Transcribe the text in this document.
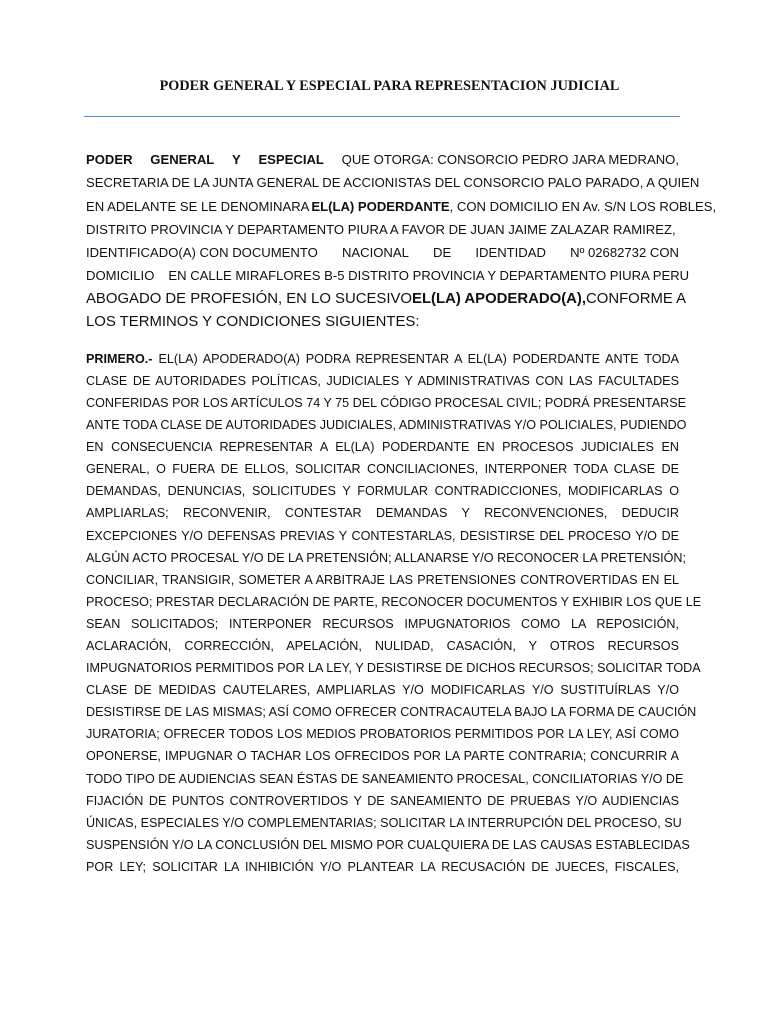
PODER GENERAL Y ESPECIAL PARA REPRESENTACION JUDICIAL
PODER GENERAL Y ESPECIAL QUE OTORGA: CONSORCIO PEDRO JARA MEDRANO,
SECRETARIA DE LA JUNTA GENERAL DE ACCIONISTAS DEL CONSORCIO PALO PARADO, A QUIEN
EN ADELANTE SE LE DENOMINARA EL(LA) PODERDANTE , CON DOMICILIO EN Av. S/N LOS ROBLES,
DISTRITO PROVINCIA Y DEPARTAMENTO PIURA A FAVOR DE JUAN JAIME ZALAZAR RAMIREZ,
IDENTIFICADO(A) CON DOCUMENTO NACIONAL DE IDENTIDAD Nº 02682732 CON
DOMICILIO EN CALLE MIRAFLORES B-5 DISTRITO PROVINCIA Y DEPARTAMENTO PIURA PERU
ABOGADO DE PROFESIÓN, EN LO SUCESIVO EL(LA) APODERADO(A), CONFORME A
LOS TERMINOS Y CONDICIONES SIGUIENTES:
PRIMERO.- EL(LA) APODERADO(A) PODRA REPRESENTAR A EL(LA) PODERDANTE ANTE TODA
CLASE DE AUTORIDADES POLÍTICAS, JUDICIALES Y ADMINISTRATIVAS CON LAS FACULTADES
CONFERIDAS POR LOS ARTÍCULOS 74 Y 75 DEL CÓDIGO PROCESAL CIVIL; PODRÁ PRESENTARSE
ANTE TODA CLASE DE AUTORIDADES JUDICIALES, ADMINISTRATIVAS Y/O POLICIALES, PUDIENDO
EN CONSECUENCIA REPRESENTAR A EL(LA) PODERDANTE EN PROCESOS JUDICIALES EN
GENERAL, O FUERA DE ELLOS, SOLICITAR CONCILIACIONES, INTERPONER TODA CLASE DE
DEMANDAS, DENUNCIAS, SOLICITUDES Y FORMULAR CONTRADICCIONES, MODIFICARLAS O
AMPLIARLAS; RECONVENIR, CONTESTAR DEMANDAS Y RECONVENCIONES, DEDUCIR
EXCEPCIONES Y/O DEFENSAS PREVIAS Y CONTESTARLAS, DESISTIRSE DEL PROCESO Y/O DE
ALGÚN ACTO PROCESAL Y/O DE LA PRETENSIÓN; ALLANARSE Y/O RECONOCER LA PRETENSIÓN;
CONCILIAR, TRANSIGIR, SOMETER A ARBITRAJE LAS PRETENSIONES CONTROVERTIDAS EN EL
PROCESO; PRESTAR DECLARACIÓN DE PARTE, RECONOCER DOCUMENTOS Y EXHIBIR LOS QUE LE
SEAN SOLICITADOS; INTERPONER RECURSOS IMPUGNATORIOS COMO LA REPOSICIÓN,
ACLARACIÓN, CORRECCIÓN, APELACIÓN, NULIDAD, CASACIÓN, Y OTROS RECURSOS
IMPUGNATORIOS PERMITIDOS POR LA LEY, Y DESISTIRSE DE DICHOS RECURSOS; SOLICITAR TODA
CLASE DE MEDIDAS CAUTELARES, AMPLIARLAS Y/O MODIFICARLAS Y/O SUSTITUÍRLAS Y/O
DESISTIRSE DE LAS MISMAS; ASÍ COMO OFRECER CONTRACAUTELA BAJO LA FORMA DE CAUCIÓN
JURATORIA; OFRECER TODOS LOS MEDIOS PROBATORIOS PERMITIDOS POR LA LEY, ASÍ COMO
OPONERSE, IMPUGNAR O TACHAR LOS OFRECIDOS POR LA PARTE CONTRARIA; CONCURRIR A
TODO TIPO DE AUDIENCIAS SEAN ÉSTAS DE SANEAMIENTO PROCESAL, CONCILIATORIAS Y/O DE
FIJACIÓN DE PUNTOS CONTROVERTIDOS Y DE SANEAMIENTO DE PRUEBAS Y/O AUDIENCIAS
ÚNICAS, ESPECIALES Y/O COMPLEMENTARIAS; SOLICITAR LA INTERRUPCIÓN DEL PROCESO, SU
SUSPENSIÓN Y/O LA CONCLUSIÓN DEL MISMO POR CUALQUIERA DE LAS CAUSAS ESTABLECIDAS
POR LEY; SOLICITAR LA INHIBICIÓN Y/O PLANTEAR LA RECUSACIÓN DE JUECES, FISCALES,
